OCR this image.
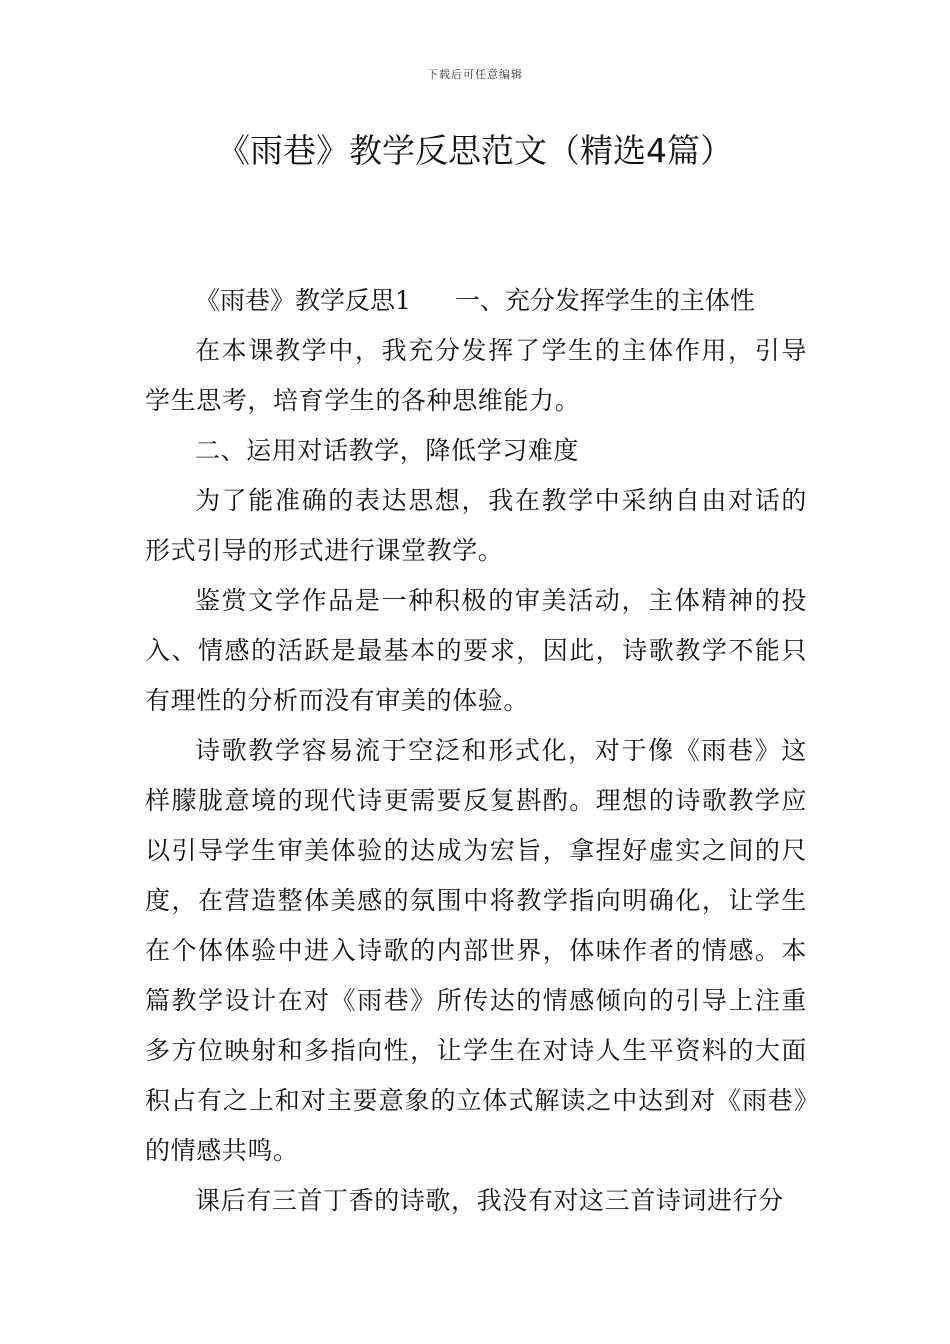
下载后可任意编辑
《雨巷》教学反思范文（精选4篇）

《雨巷》教学反思1 一、充分发挥学生的主体性

在本课教学中，我充分发挥了学生的主体作用，引导学生思考，培育学生的各种思维能力。

二、运用对话教学，降低学习难度

为了能准确的表达思想，我在教学中采纳自由对话的形式引导的形式进行课堂教学。

鉴赏文学作品是一种积极的审美活动，主体精神的投入、情感的活跃是最基本的要求，因此，诗歌教学不能只有理性的分析而没有审美的体验。

诗歌教学容易流于空泛和形式化，对于像《雨巷》这样朦胧意境的现代诗更需要反复斟酌。理想的诗歌教学应以引导学生审美体验的达成为宏旨，拿捏好虚实之间的尺度，在营造整体美感的氛围中将教学指向明确化，让学生在个体体验中进入诗歌的内部世界，体味作者的情感。本篇教学设计在对《雨巷》所传达的情感倾向的引导上注重多方位映射和多指向性，让学生在对诗人生平资料的大面积占有之上和对主要意象的立体式解读之中达到对《雨巷》的情感共鸣。

课后有三首丁香的诗歌，我没有对这三首诗词进行分
